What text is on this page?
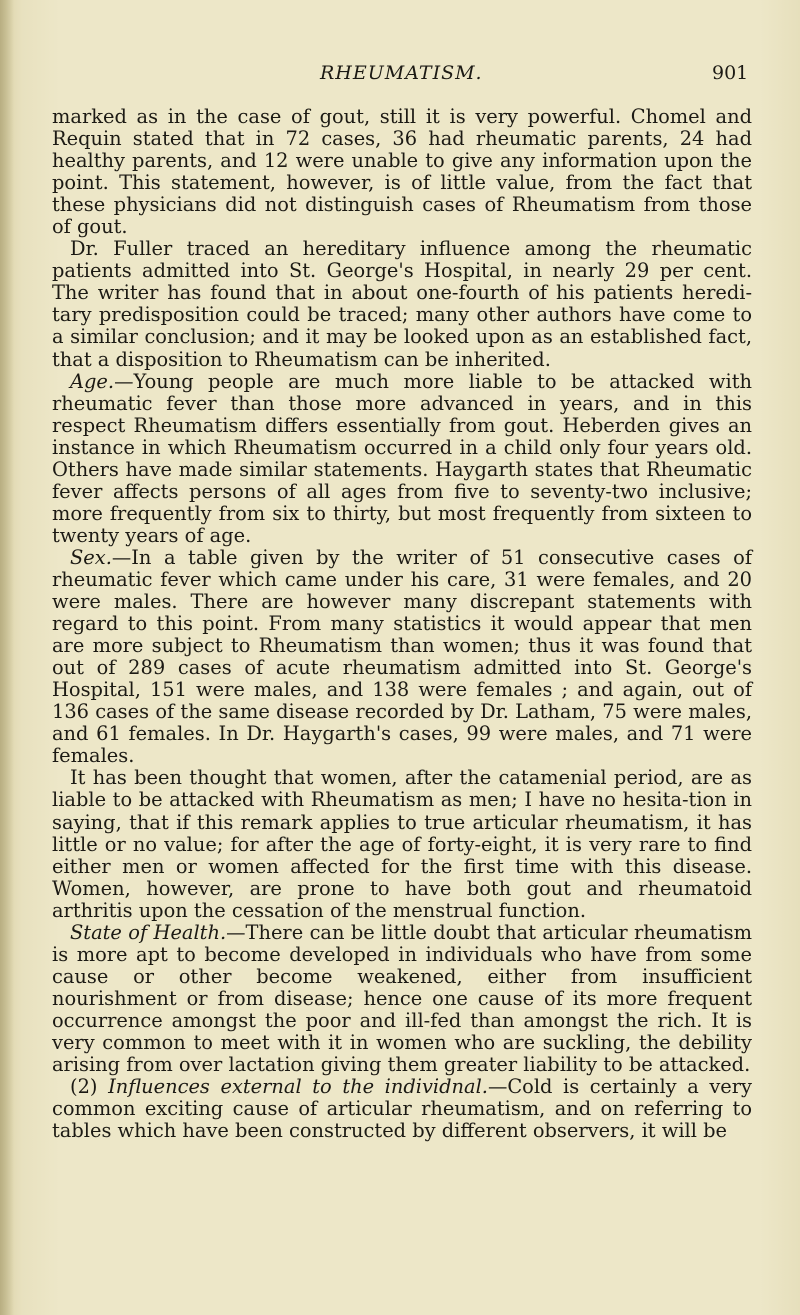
RHEUMATISM.	901

marked as in the case of gout, still it is very powerful. Chomel and Requin stated that in 72 cases, 36 had rheumatic parents, 24 had healthy parents, and 12 were unable to give any information upon the point. This statement, however, is of little value, from the fact that these physicians did not distinguish cases of Rheumatism from those of gout.

Dr. Fuller traced an hereditary influence among the rheumatic patients admitted into St. George's Hospital, in nearly 29 per cent. The writer has found that in about one-fourth of his patients heredi-tary predisposition could be traced; many other authors have come to a similar conclusion; and it may be looked upon as an established fact, that a disposition to Rheumatism can be inherited.

Age.—Young people are much more liable to be attacked with rheumatic fever than those more advanced in years, and in this respect Rheumatism differs essentially from gout. Heberden gives an instance in which Rheumatism occurred in a child only four years old. Others have made similar statements. Haygarth states that Rheumatic fever affects persons of all ages from five to seventy-two inclusive; more frequently from six to thirty, but most frequently from sixteen to twenty years of age.

Sex.—In a table given by the writer of 51 consecutive cases of rheumatic fever which came under his care, 31 were females, and 20 were males. There are however many discrepant statements with regard to this point. From many statistics it would appear that men are more subject to Rheumatism than women; thus it was found that out of 289 cases of acute rheumatism admitted into St. George's Hospital, 151 were males, and 138 were females ; and again, out of 136 cases of the same disease recorded by Dr. Latham, 75 were males, and 61 females. In Dr. Haygarth's cases, 99 were males, and 71 were females.

It has been thought that women, after the catamenial period, are as liable to be attacked with Rheumatism as men; I have no hesita-tion in saying, that if this remark applies to true articular rheumatism, it has little or no value; for after the age of forty-eight, it is very rare to find either men or women affected for the first time with this disease. Women, however, are prone to have both gout and rheumatoid arthritis upon the cessation of the menstrual function.

State of Health.—There can be little doubt that articular rheumatism is more apt to become developed in individuals who have from some cause or other become weakened, either from insufficient nourishment or from disease; hence one cause of its more frequent occurrence amongst the poor and ill-fed than amongst the rich. It is very common to meet with it in women who are suckling, the debility arising from over lactation giving them greater liability to be attacked.

(2) Influences external to the individnal.—Cold is certainly a very common exciting cause of articular rheumatism, and on referring to tables which have been constructed by different observers, it will be
